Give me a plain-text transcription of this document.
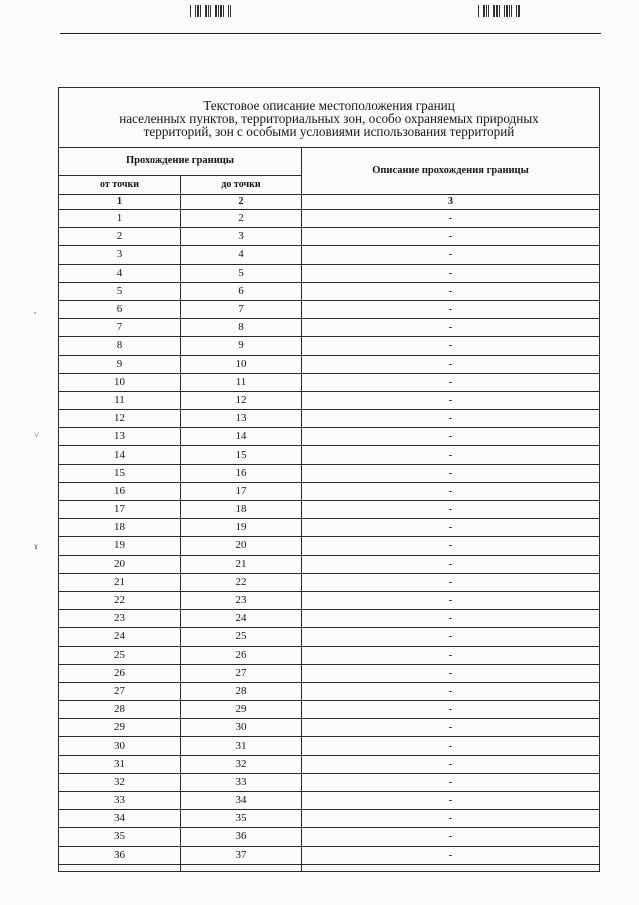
,
˅
ɤ
Текстовое описание местоположения границ
населенных пунктов, территориальных зон, особо охраняемых природных
территорий, зон с особыми условиями использования территорий		

Прохождение границы		Описание прохождения границы
от точки	до точки	
1	2	3
1	2	-
2	3	-
3	4	-
4	5	-
5	6	-
6	7	-
7	8	-
8	9	-
9	10	-
10	11	-
11	12	-
12	13	-
13	14	-
14	15	-
15	16	-
16	17	-
17	18	-
18	19	-
19	20	-
20	21	-
21	22	-
22	23	-
23	24	-
24	25	-
25	26	-
26	27	-
27	28	-
28	29	-
29	30	-
30	31	-
31	32	-
32	33	-
33	34	-
34	35	-
35	36	-
36	37	-
